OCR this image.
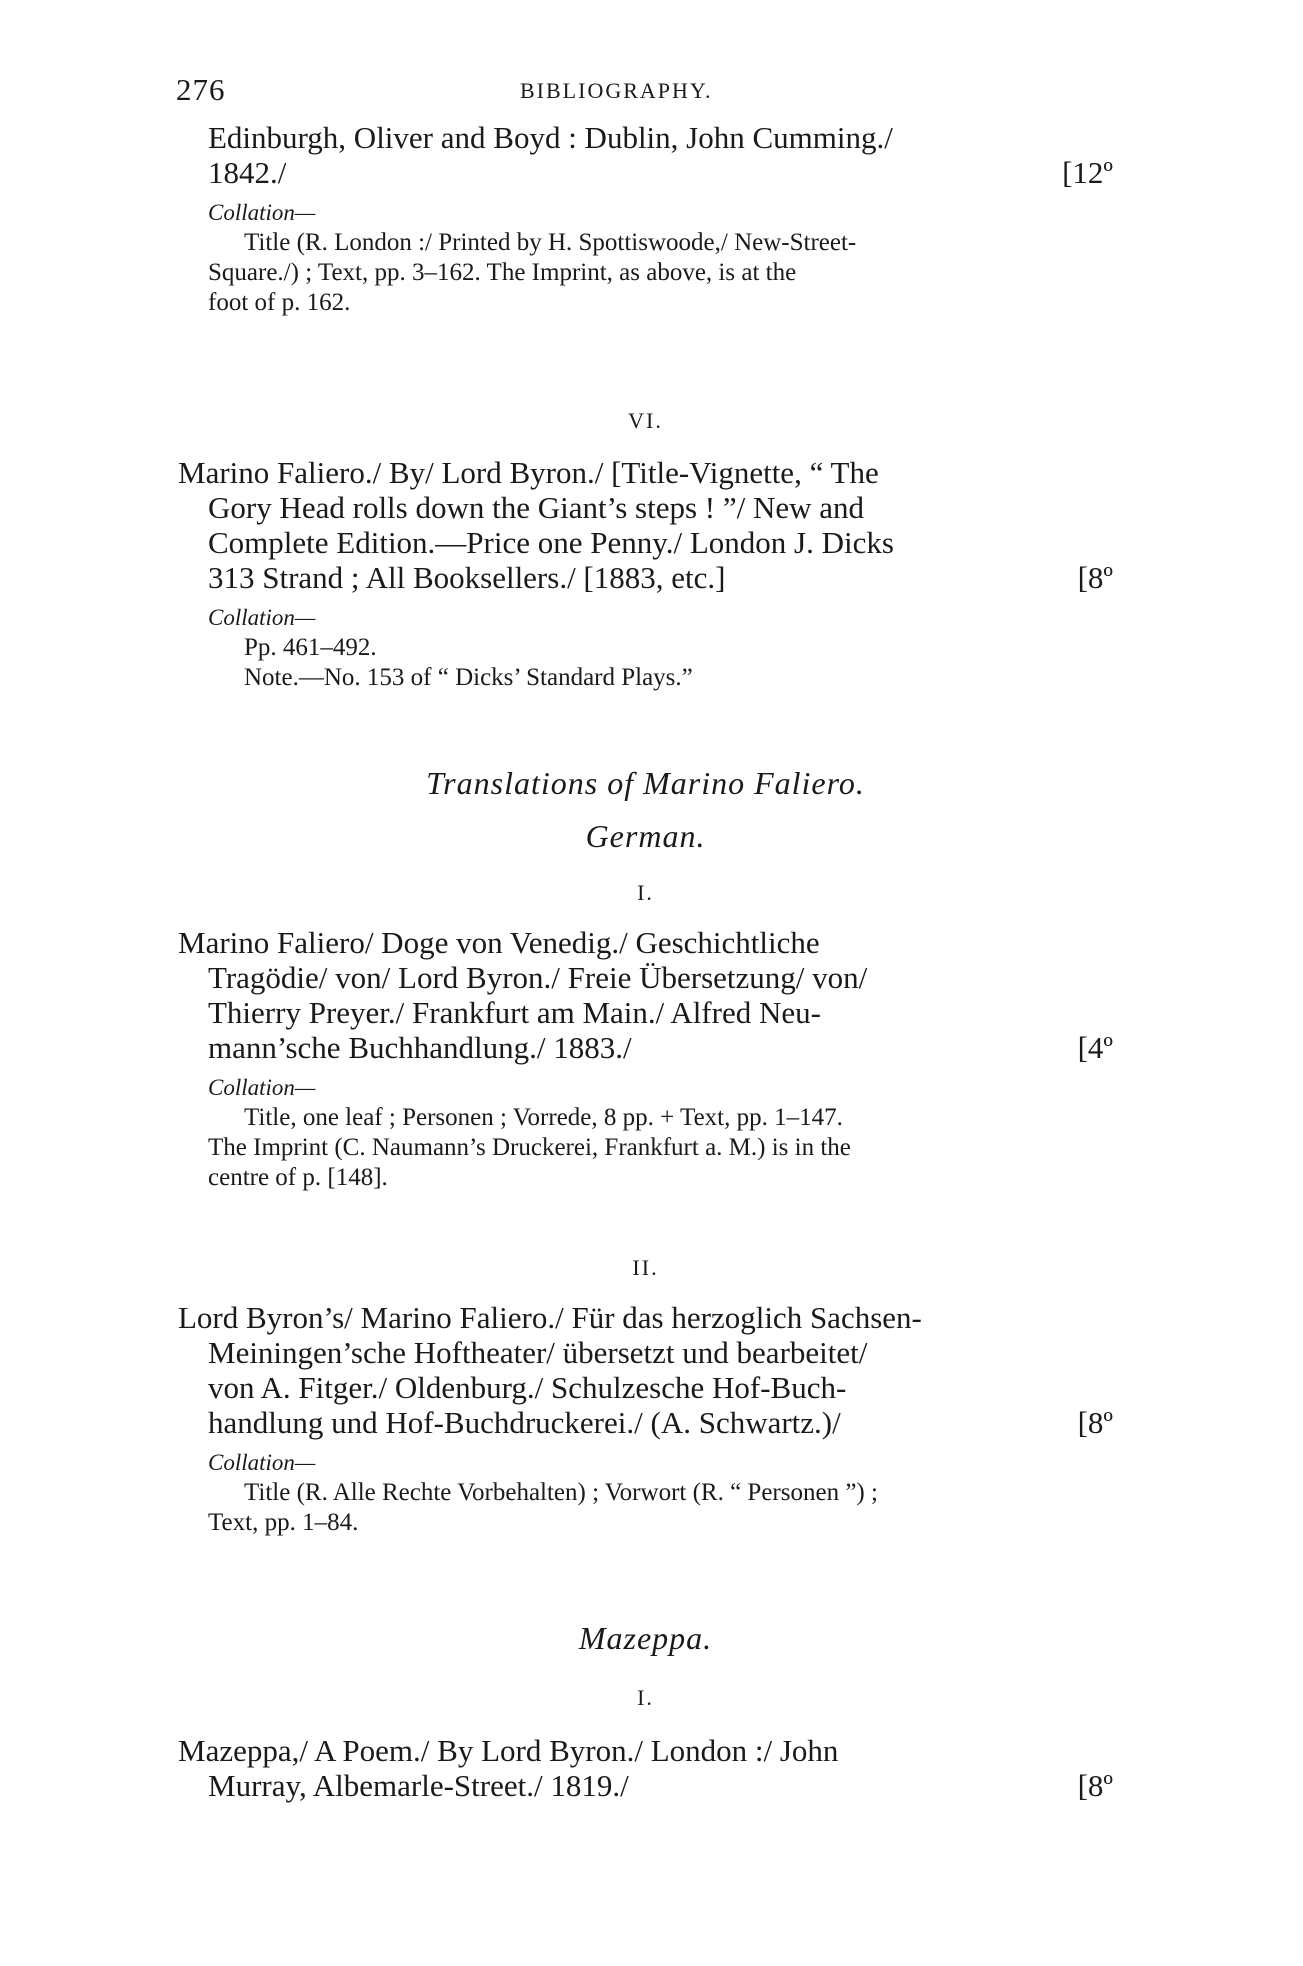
276	BIBLIOGRAPHY.
Edinburgh, Oliver and Boyd : Dublin, John Cumming./
1842./	[12º
Collation—
Title (R. London :/ Printed by H. Spottiswoode,/ New-Street-
Square./) ; Text, pp. 3–162. The Imprint, as above, is at the
foot of p. 162.
VI.
Marino Faliero./ By/ Lord Byron./ [Title-Vignette, “ The
Gory Head rolls down the Giant’s steps ! ”/ New and
Complete Edition.—Price one Penny./ London J. Dicks
313 Strand ; All Booksellers./ [1883, etc.]	[8º
Collation—
Pp. 461–492.
Note.—No. 153 of “ Dicks’ Standard Plays.”
Translations of Marino Faliero.
German.
I.
Marino Faliero/ Doge von Venedig./ Geschichtliche
Tragödie/ von/ Lord Byron./ Freie Übersetzung/ von/
Thierry Preyer./ Frankfurt am Main./ Alfred Neu-
mann’sche Buchhandlung./ 1883./	[4º
Collation—
Title, one leaf ; Personen ; Vorrede, 8 pp. + Text, pp. 1–147.
The Imprint (C. Naumann’s Druckerei, Frankfurt a. M.) is in the
centre of p. [148].
II.
Lord Byron’s/ Marino Faliero./ Für das herzoglich Sachsen-
Meiningen’sche Hoftheater/ übersetzt und bearbeitet/
von A. Fitger./ Oldenburg./ Schulzesche Hof-Buch-
handlung und Hof-Buchdruckerei./ (A. Schwartz.)/	[8º
Collation—
Title (R. Alle Rechte Vorbehalten) ; Vorwort (R. “ Personen ”) ;
Text, pp. 1–84.
Mazeppa.
I.
Mazeppa,/ A Poem./ By Lord Byron./ London :/ John
Murray, Albemarle-Street./ 1819./	[8º
